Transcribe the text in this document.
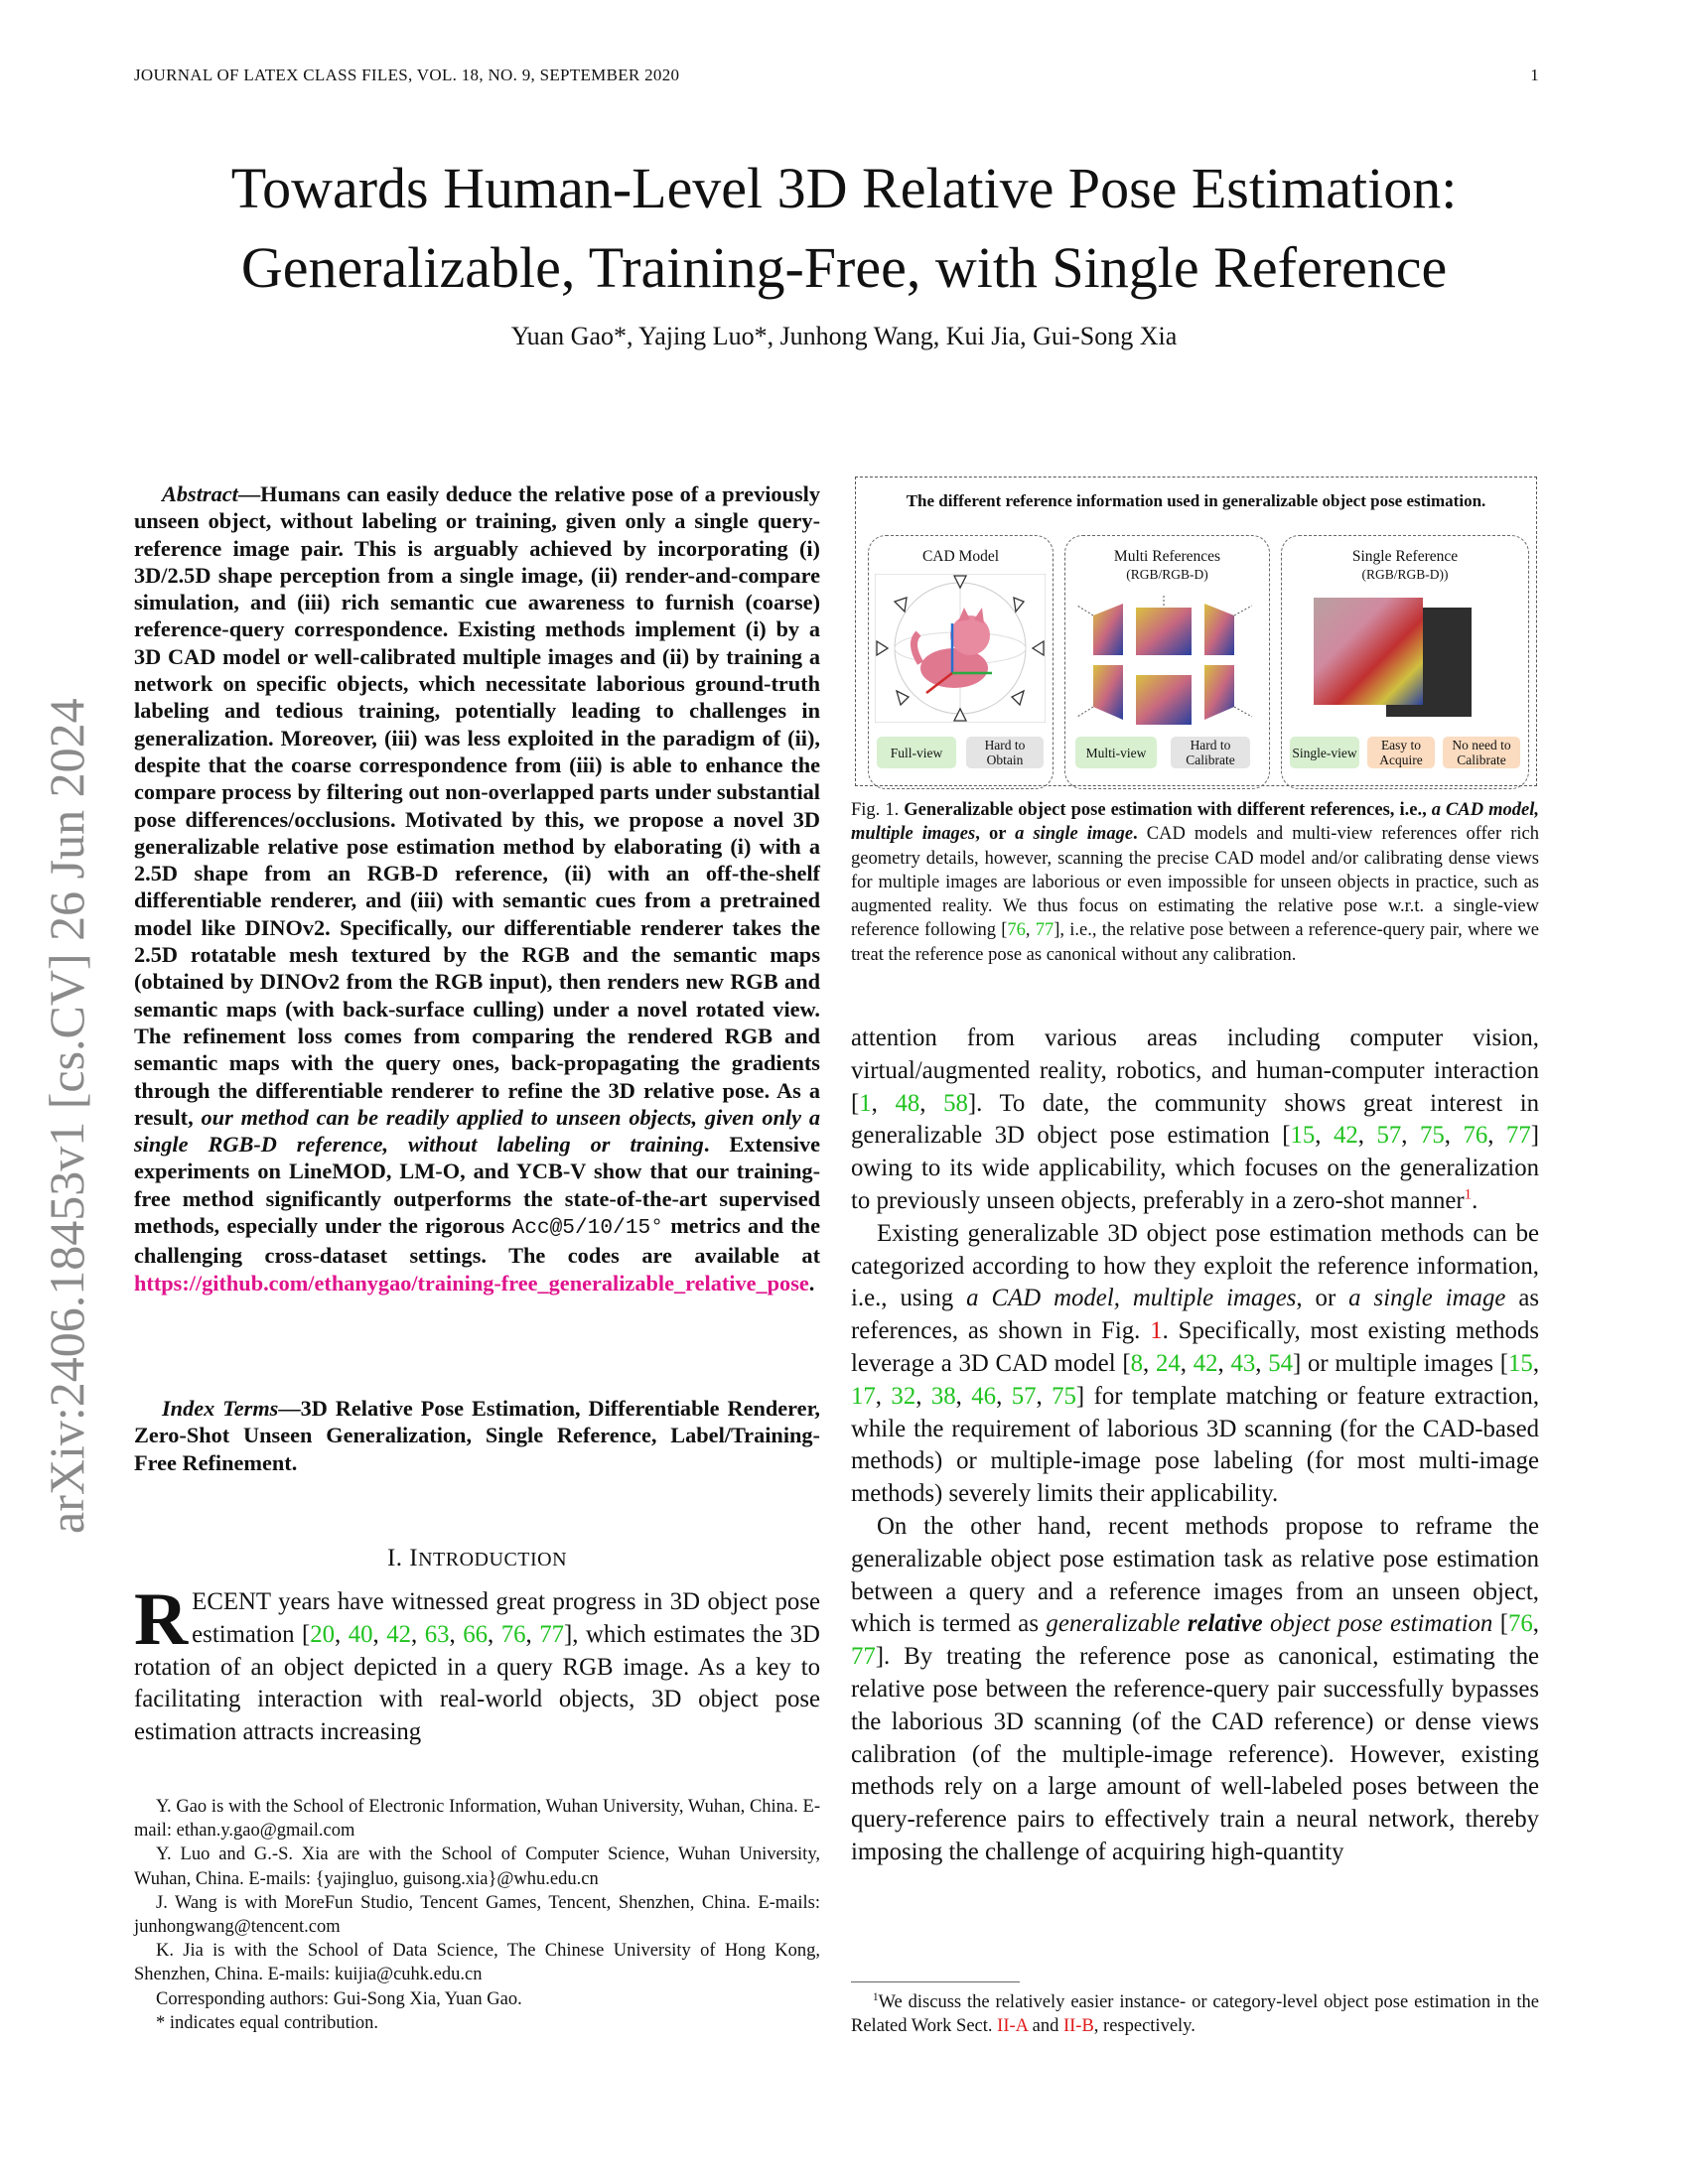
JOURNAL OF LATEX CLASS FILES, VOL. 18, NO. 9, SEPTEMBER 2020	1
Towards Human-Level 3D Relative Pose Estimation:
Generalizable, Training-Free, with Single Reference
Yuan Gao*, Yajing Luo*, Junhong Wang, Kui Jia, Gui-Song Xia
arXiv:2406.18453v1 [cs.CV] 26 Jun 2024

Abstract—Humans can easily deduce the relative pose of a previously unseen object, without labeling or training, given only a single query-reference image pair. This is arguably achieved by incorporating (i) 3D/2.5D shape perception from a single image, (ii) render-and-compare simulation, and (iii) rich semantic cue awareness to furnish (coarse) reference-query correspondence. Existing methods implement (i) by a 3D CAD model or well-calibrated multiple images and (ii) by training a network on specific objects, which necessitate laborious ground-truth labeling and tedious training, potentially leading to challenges in generalization. Moreover, (iii) was less exploited in the paradigm of (ii), despite that the coarse correspondence from (iii) is able to enhance the compare process by filtering out non-overlapped parts under substantial pose differences/occlusions. Motivated by this, we propose a novel 3D generalizable relative pose estimation method by elaborating (i) with a 2.5D shape from an RGB-D reference, (ii) with an off-the-shelf differentiable renderer, and (iii) with semantic cues from a pretrained model like DINOv2. Specifically, our differentiable renderer takes the 2.5D rotatable mesh textured by the RGB and the semantic maps (obtained by DINOv2 from the RGB input), then renders new RGB and semantic maps (with back-surface culling) under a novel rotated view. The refinement loss comes from comparing the rendered RGB and semantic maps with the query ones, back-propagating the gradients through the differentiable renderer to refine the 3D relative pose. As a result, our method can be readily applied to unseen objects, given only a single RGB-D reference, without labeling or training. Extensive experiments on LineMOD, LM-O, and YCB-V show that our training-free method significantly outperforms the state-of-the-art supervised methods, especially under the rigorous Acc@5/10/15° metrics and the challenging cross-dataset settings. The codes are available at https://github.com/ethanygao/training-free_generalizable_relative_pose.

Index Terms—3D Relative Pose Estimation, Differentiable Renderer, Zero-Shot Unseen Generalization, Single Reference, Label/Training-Free Refinement.

I. INTRODUCTION
RECENT years have witnessed great progress in 3D object pose estimation [20, 40, 42, 63, 66, 76, 77], which estimates the 3D rotation of an object depicted in a query RGB image. As a key to facilitating interaction with real-world objects, 3D object pose estimation attracts increasing

Y. Gao is with the School of Electronic Information, Wuhan University, Wuhan, China. E-mail: ethan.y.gao@gmail.com

Y. Luo and G.-S. Xia are with the School of Computer Science, Wuhan University, Wuhan, China. E-mails: {yajingluo, guisong.xia}@whu.edu.cn

J. Wang is with MoreFun Studio, Tencent Games, Tencent, Shenzhen, China. E-mails: junhongwang@tencent.com

K. Jia is with the School of Data Science, The Chinese University of Hong Kong, Shenzhen, China. E-mails: kuijia@cuhk.edu.cn

Corresponding authors: Gui-Song Xia, Yuan Gao.

* indicates equal contribution.

The different reference information used in generalizable object pose estimation.
CAD Model
Full-view	Hard to Obtain
Multi References
(RGB/RGB-D)
Multi-view	Hard to Calibrate
Single Reference
(RGB/RGB-D))
Single-view	Easy to Acquire
No need to Calibrate

Fig. 1. Generalizable object pose estimation with different references, i.e., a CAD model, multiple images, or a single image. CAD models and multi-view references offer rich geometry details, however, scanning the precise CAD model and/or calibrating dense views for multiple images are laborious or even impossible for unseen objects in practice, such as augmented reality. We thus focus on estimating the relative pose w.r.t. a single-view reference following [76, 77], i.e., the relative pose between a reference-query pair, where we treat the reference pose as canonical without any calibration.

attention from various areas including computer vision, virtual/augmented reality, robotics, and human-computer interaction [1, 48, 58]. To date, the community shows great interest in generalizable 3D object pose estimation [15, 42, 57, 75, 76, 77] owing to its wide applicability, which focuses on the generalization to previously unseen objects, preferably in a zero-shot manner$^1$.

Existing generalizable 3D object pose estimation methods can be categorized according to how they exploit the reference information, i.e., using a CAD model, multiple images, or a single image as references, as shown in Fig. 1. Specifically, most existing methods leverage a 3D CAD model [8, 24, 42, 43, 54] or multiple images [15, 17, 32, 38, 46, 57, 75] for template matching or feature extraction, while the requirement of laborious 3D scanning (for the CAD-based methods) or multiple-image pose labeling (for most multi-image methods) severely limits their applicability.

On the other hand, recent methods propose to reframe the generalizable object pose estimation task as relative pose estimation between a query and a reference images from an unseen object, which is termed as generalizable relative object pose estimation [76, 77]. By treating the reference pose as canonical, estimating the relative pose between the reference-query pair successfully bypasses the laborious 3D scanning (of the CAD reference) or dense views calibration (of the multiple-image reference). However, existing methods rely on a large amount of well-labeled poses between the query-reference pairs to effectively train a neural network, thereby imposing the challenge of acquiring high-quantity

$^1$We discuss the relatively easier instance- or category-level object pose estimation in the Related Work Sect. II-A and II-B, respectively.
